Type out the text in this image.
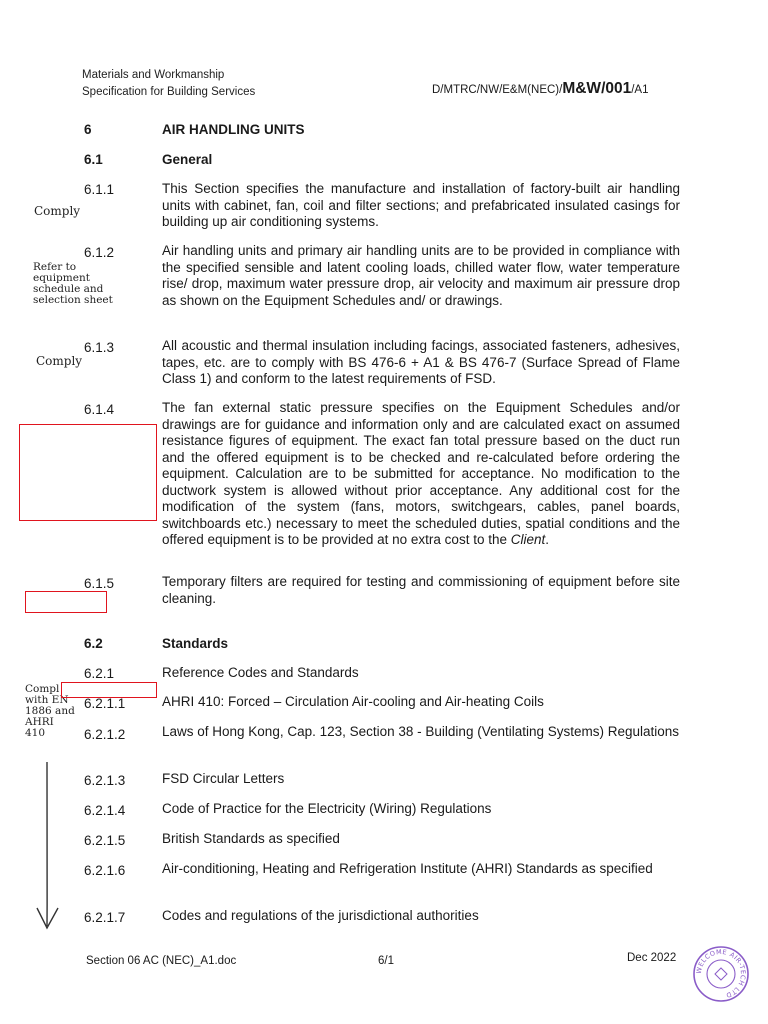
Materials and Workmanship
Specification for Building Services	D/MTRC/NW/E&M(NEC)/M&W/001/A1
6	AIR HANDLING UNITS
6.1	General
6.1.1	This Section specifies the manufacture and installation of factory-built air handling units with cabinet, fan, coil and filter sections; and prefabricated insulated casings for building up air conditioning systems.
6.1.2	Air handling units and primary air handling units are to be provided in compliance with the specified sensible and latent cooling loads, chilled water flow, water temperature rise/ drop, maximum water pressure drop, air velocity and maximum air pressure drop as shown on the Equipment Schedules and/ or drawings.
6.1.3	All acoustic and thermal insulation including facings, associated fasteners, adhesives, tapes, etc. are to comply with BS 476-6 + A1 & BS 476-7 (Surface Spread of Flame Class 1) and conform to the latest requirements of FSD.
6.1.4	The fan external static pressure specifies on the Equipment Schedules and/or drawings are for guidance and information only and are calculated exact on assumed resistance figures of equipment. The exact fan total pressure based on the duct run and the offered equipment is to be checked and re-calculated before ordering the equipment. Calculation are to be submitted for acceptance. No modification to the ductwork system is allowed without prior acceptance. Any additional cost for the modification of the system (fans, motors, switchgears, cables, panel boards, switchboards etc.) necessary to meet the scheduled duties, spatial conditions and the offered equipment is to be provided at no extra cost to the Client.
6.1.5	Temporary filters are required for testing and commissioning of equipment before site cleaning.
6.2	Standards
6.2.1	Reference Codes and Standards
6.2.1.1	AHRI 410: Forced – Circulation Air-cooling and Air-heating Coils
6.2.1.2	Laws of Hong Kong, Cap. 123, Section 38 - Building (Ventilating Systems) Regulations
6.2.1.3	FSD Circular Letters
6.2.1.4	Code of Practice for the Electricity (Wiring) Regulations
6.2.1.5	British Standards as specified
6.2.1.6	Air-conditioning, Heating and Refrigeration Institute (AHRI) Standards as specified
6.2.1.7	Codes and regulations of the jurisdictional authorities
Comply
Refer to equipment schedule and selection sheet
Comply
Compl with EN 1886 and AHRI 410
Section 06 AC (NEC)_A1.doc	6/1	Dec 2022
WELCOME AIR-TECH LTD
